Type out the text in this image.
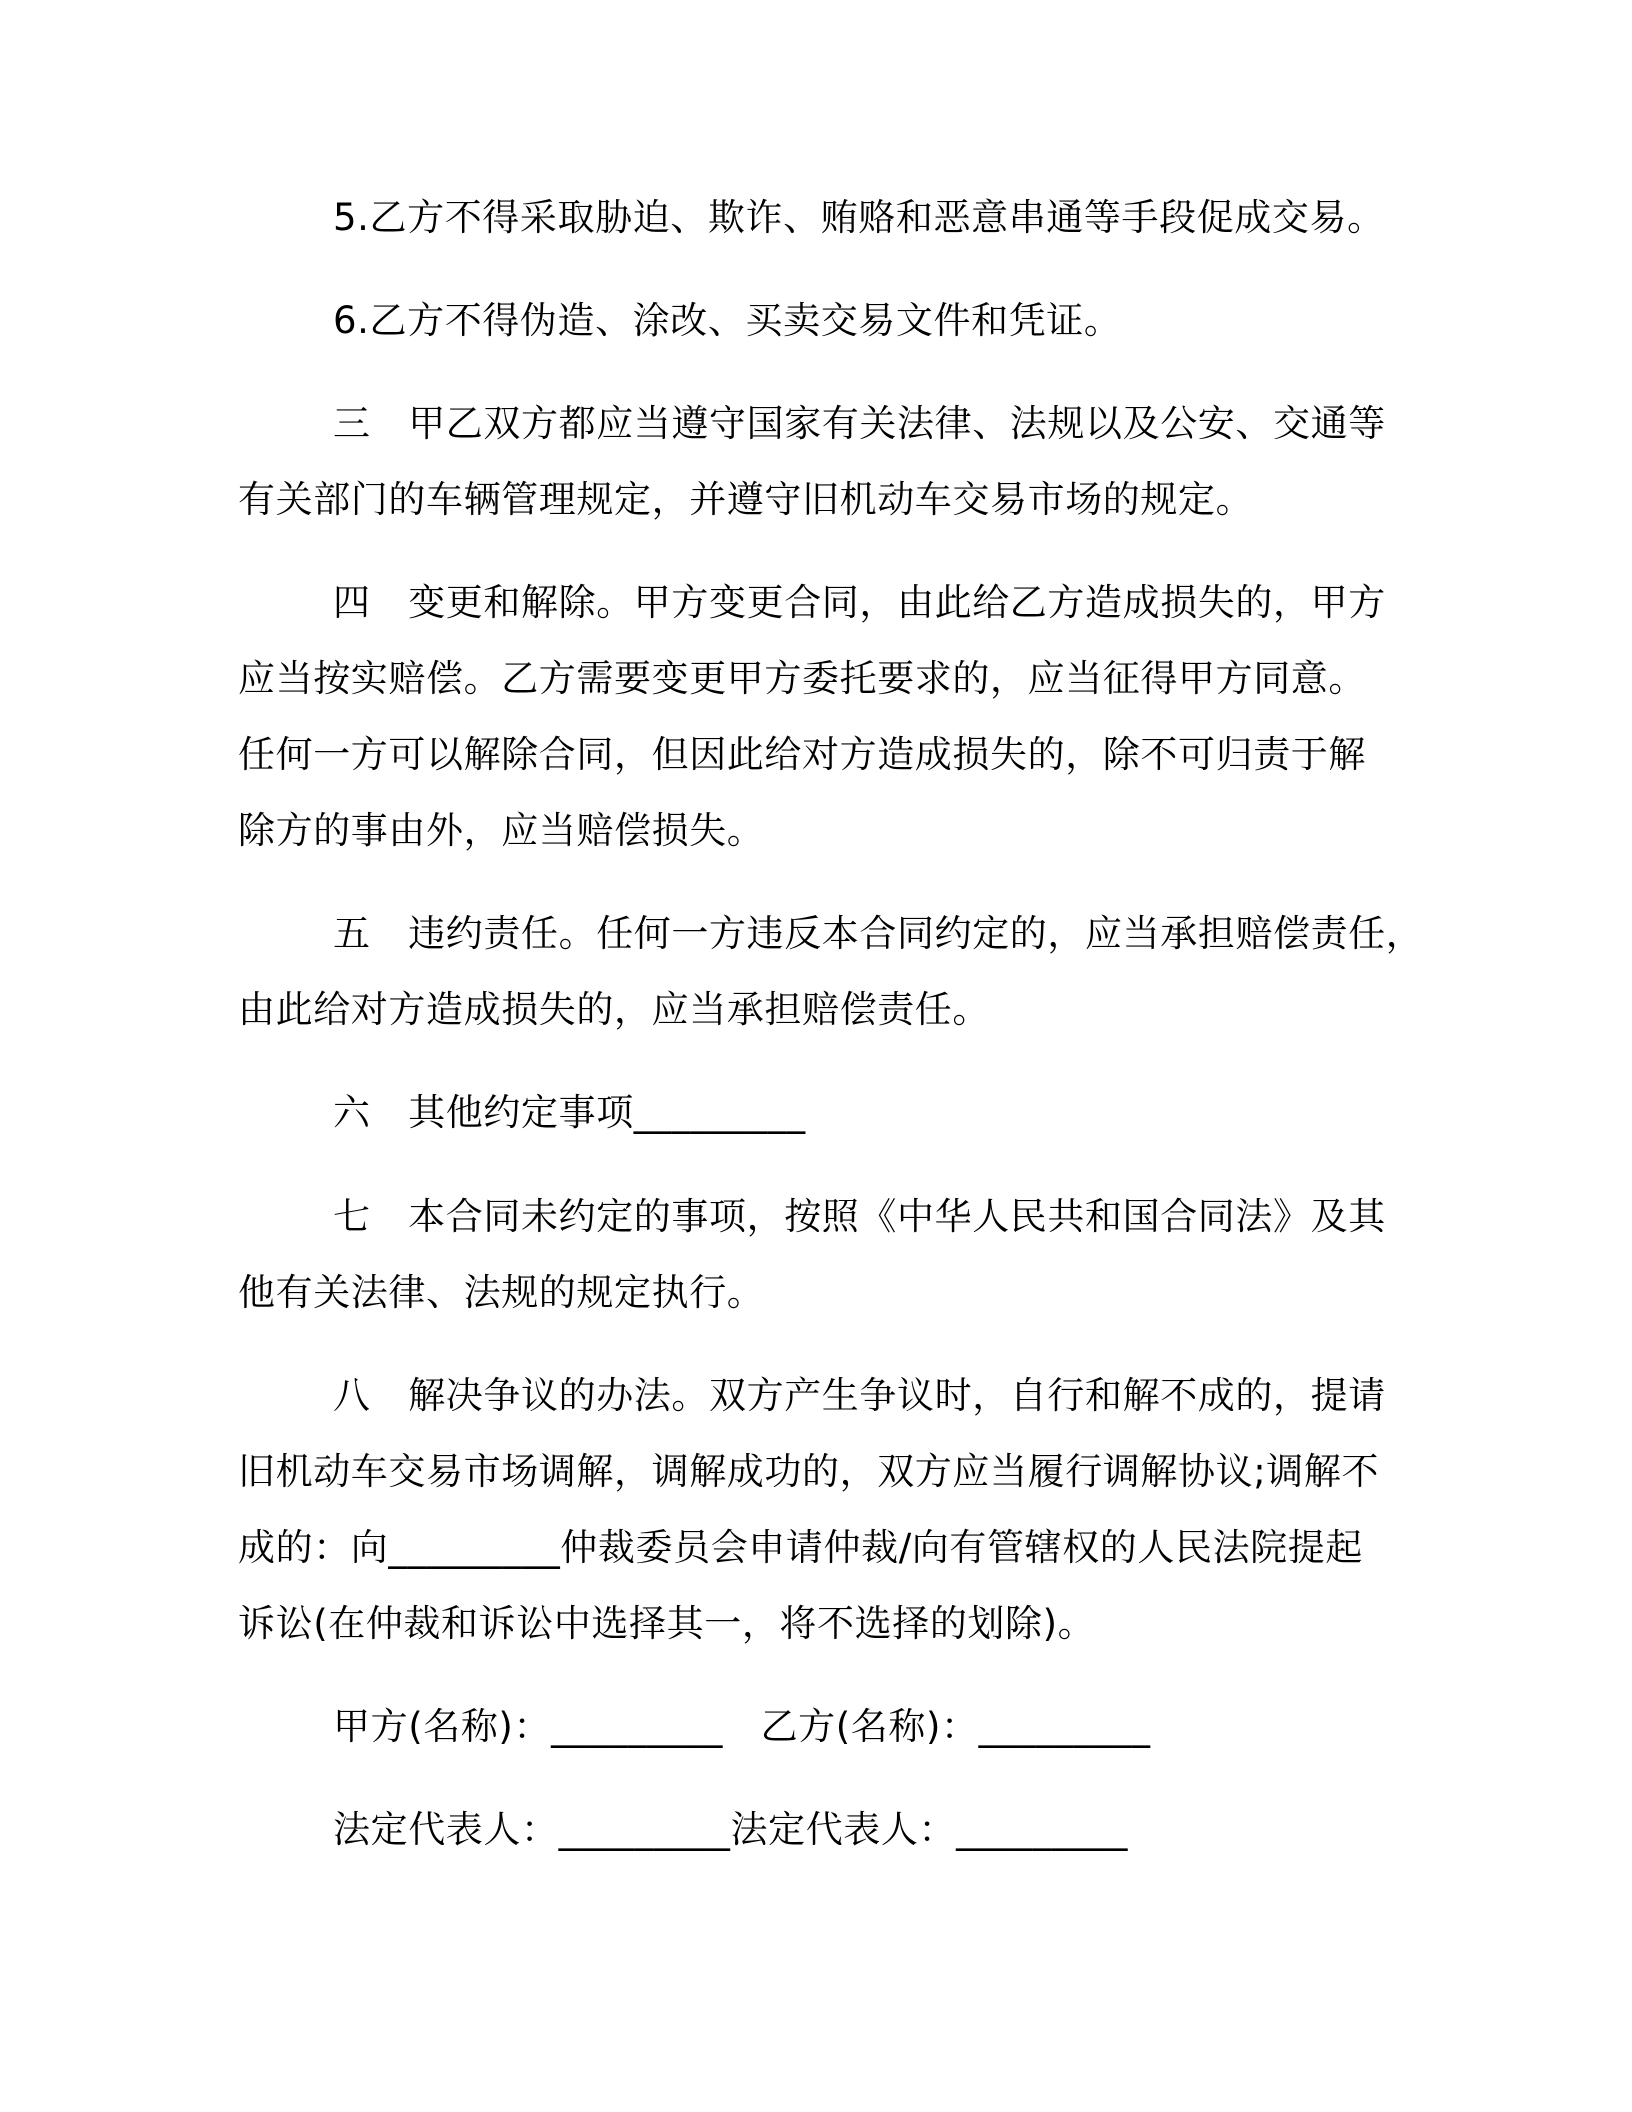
5.乙方不得采取胁迫、欺诈、贿赂和恶意串通等手段促成交易。

6.乙方不得伪造、涂改、买卖交易文件和凭证。

三　甲乙双方都应当遵守国家有关法律、法规以及公安、交通等

有关部门的车辆管理规定，并遵守旧机动车交易市场的规定。

四　变更和解除。甲方变更合同，由此给乙方造成损失的，甲方

应当按实赔偿。乙方需要变更甲方委托要求的，应当征得甲方同意。

任何一方可以解除合同，但因此给对方造成损失的，除不可归责于解

除方的事由外，应当赔偿损失。

五　违约责任。任何一方违反本合同约定的，应当承担赔偿责任，

由此给对方造成损失的，应当承担赔偿责任。

六　其他约定事项_________

七　本合同未约定的事项，按照《中华人民共和国合同法》及其

他有关法律、法规的规定执行。

八　解决争议的办法。双方产生争议时，自行和解不成的，提请

旧机动车交易市场调解，调解成功的，双方应当履行调解协议;调解不

成的：向_________仲裁委员会申请仲裁/向有管辖权的人民法院提起

诉讼(在仲裁和诉讼中选择其一，将不选择的划除)。

甲方(名称)：_________　乙方(名称)：_________

法定代表人：_________法定代表人：_________
